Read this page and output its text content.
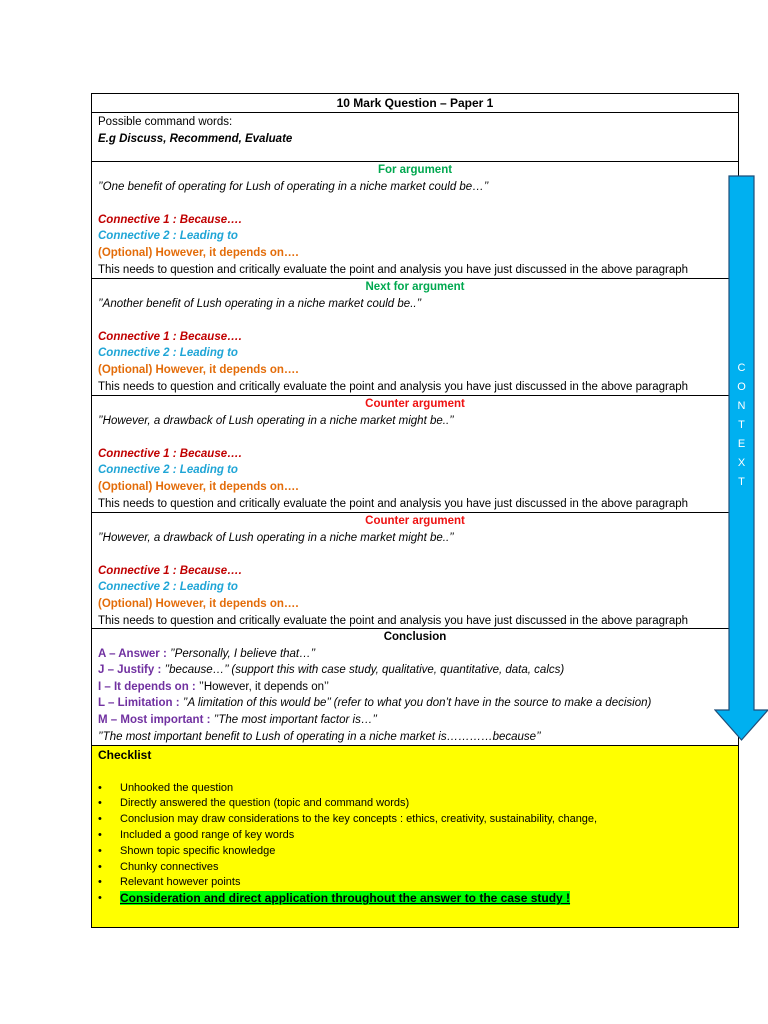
10 Mark Question – Paper 1
Possible command words:
E.g Discuss, Recommend, Evaluate
For argument
’’One benefit of operating for Lush of operating in a niche market could be…’’
Connective 1 : Because….
Connective 2 : Leading to
(Optional) However, it depends on….
This needs to question and critically evaluate the point and analysis you have just discussed in the above paragraph
Next for argument
’’Another benefit of Lush operating in a niche market could be..’’
Connective 1 : Because….
Connective 2 : Leading to
(Optional) However, it depends on….
This needs to question and critically evaluate the point and analysis you have just discussed in the above paragraph
Counter argument
’’However, a drawback of Lush operating in a niche market might be..’’
Connective 1 : Because….
Connective 2 : Leading to
(Optional) However, it depends on….
This needs to question and critically evaluate the point and analysis you have just discussed in the above paragraph
Counter argument
’’However, a drawback of Lush operating in a niche market might be..’’
Connective 1 : Because….
Connective 2 : Leading to
(Optional) However, it depends on….
This needs to question and critically evaluate the point and analysis you have just discussed in the above paragraph
Conclusion
A – Answer : ’’Personally, I believe that…’’
J – Justify : ’’because…’’ (support this with case study, qualitative, quantitative, data, calcs)
I – It depends on : ’’However, it depends on’’
L – Limitation : ’’A limitation of this would be’’ (refer to what you don’t have in the source to make a decision)
M – Most important : ’’The most important factor is…’’
’’The most important benefit to Lush of operating in a niche market is…………because’’
Checklist
• Unhooked the question
• Directly answered the question (topic and command words)
• Conclusion may draw considerations to the key concepts : ethics, creativity, sustainability, change,
• Included a good range of key words
• Shown topic specific knowledge
• Chunky connectives
• Relevant however points
• Consideration and direct application throughout the answer to the case study !
C
O
N
T
E
X
T
